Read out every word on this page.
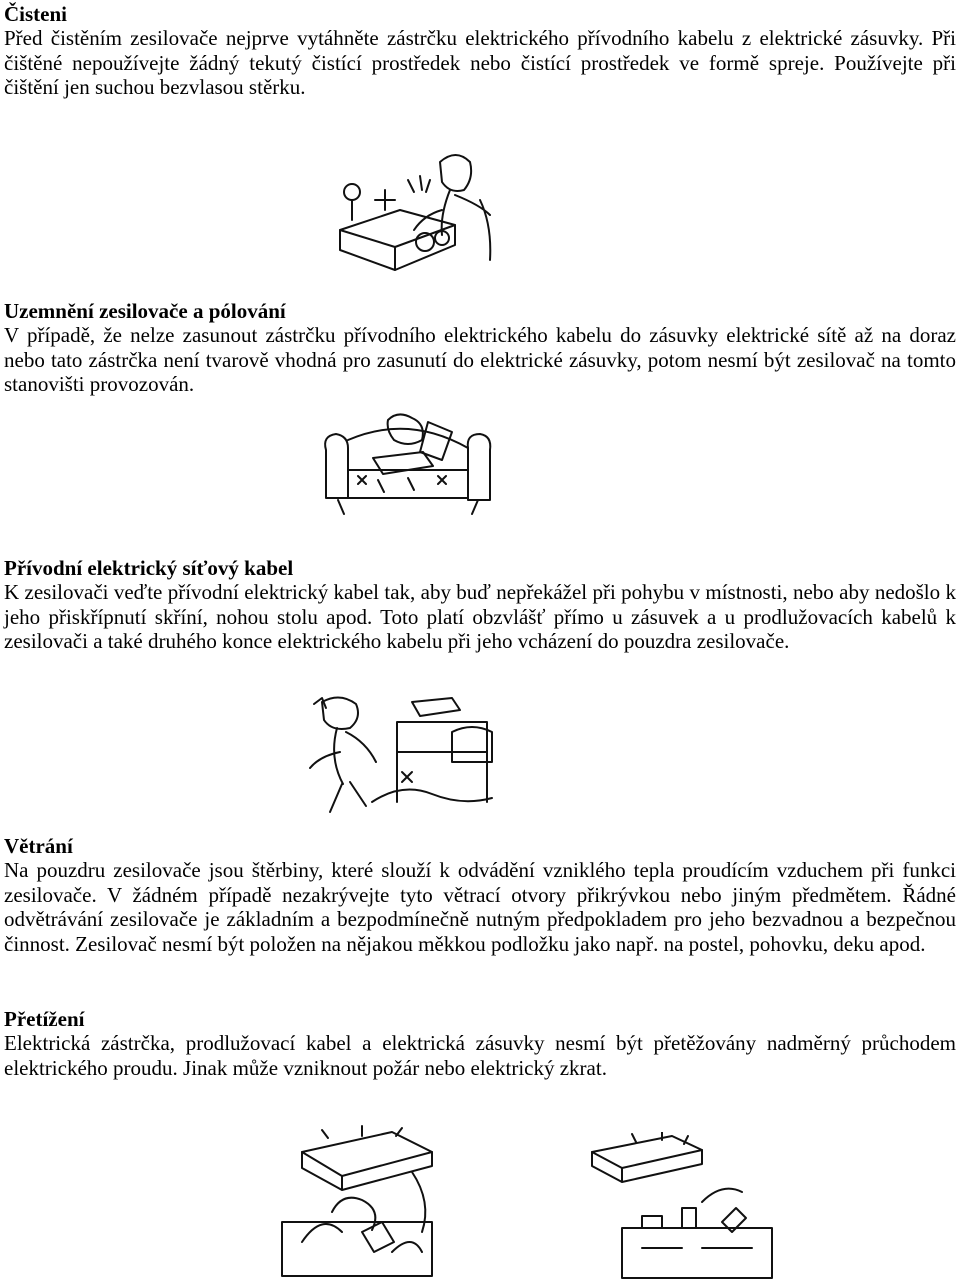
Čisteni

Před čistěním zesilovače nejprve vytáhněte zástrčku elektrického přívodního kabelu z elektrické zásuvky. Při čištěné nepoužívejte žádný tekutý čistící prostředek nebo čistící prostředek ve formě spreje. Používejte při čištění jen suchou bezvlasou stěrku.

Uzemnění zesilovače a pólování

V případě, že nelze zasunout zástrčku přívodního elektrického kabelu do zásuvky elektrické sítě až na doraz nebo tato zástrčka není tvarově vhodná pro zasunutí do elektrické zásuvky, potom nesmí být zesilovač na tomto stanovišti provozován.

Přívodní elektrický síťový kabel

K zesilovači veďte přívodní elektrický kabel tak, aby buď nepřekážel při pohybu v místnosti, nebo aby nedošlo k jeho přiskřípnutí skříní, nohou stolu apod. Toto platí obzvlášť přímo u zásuvek a u prodlužovacích kabelů k zesilovači a také druhého konce elektrického kabelu při jeho vcházení do pouzdra zesilovače.

Větrání

Na pouzdru zesilovače jsou štěrbiny, které slouží k odvádění vzniklého tepla proudícím vzduchem při funkci zesilovače. V žádném případě nezakrývejte tyto větrací otvory přikrývkou nebo jiným předmětem. Řádné odvětrávání zesilovače je základním a bezpodmínečně nutným předpokladem pro jeho bezvadnou a bezpečnou činnost. Zesilovač nesmí být položen na nějakou měkkou podložku jako např. na postel, pohovku, deku apod.

Přetížení

Elektrická zástrčka, prodlužovací kabel a elektrická zásuvky nesmí být přetěžovány nadměrný průchodem elektrického proudu. Jinak může vzniknout požár nebo elektrický zkrat.
